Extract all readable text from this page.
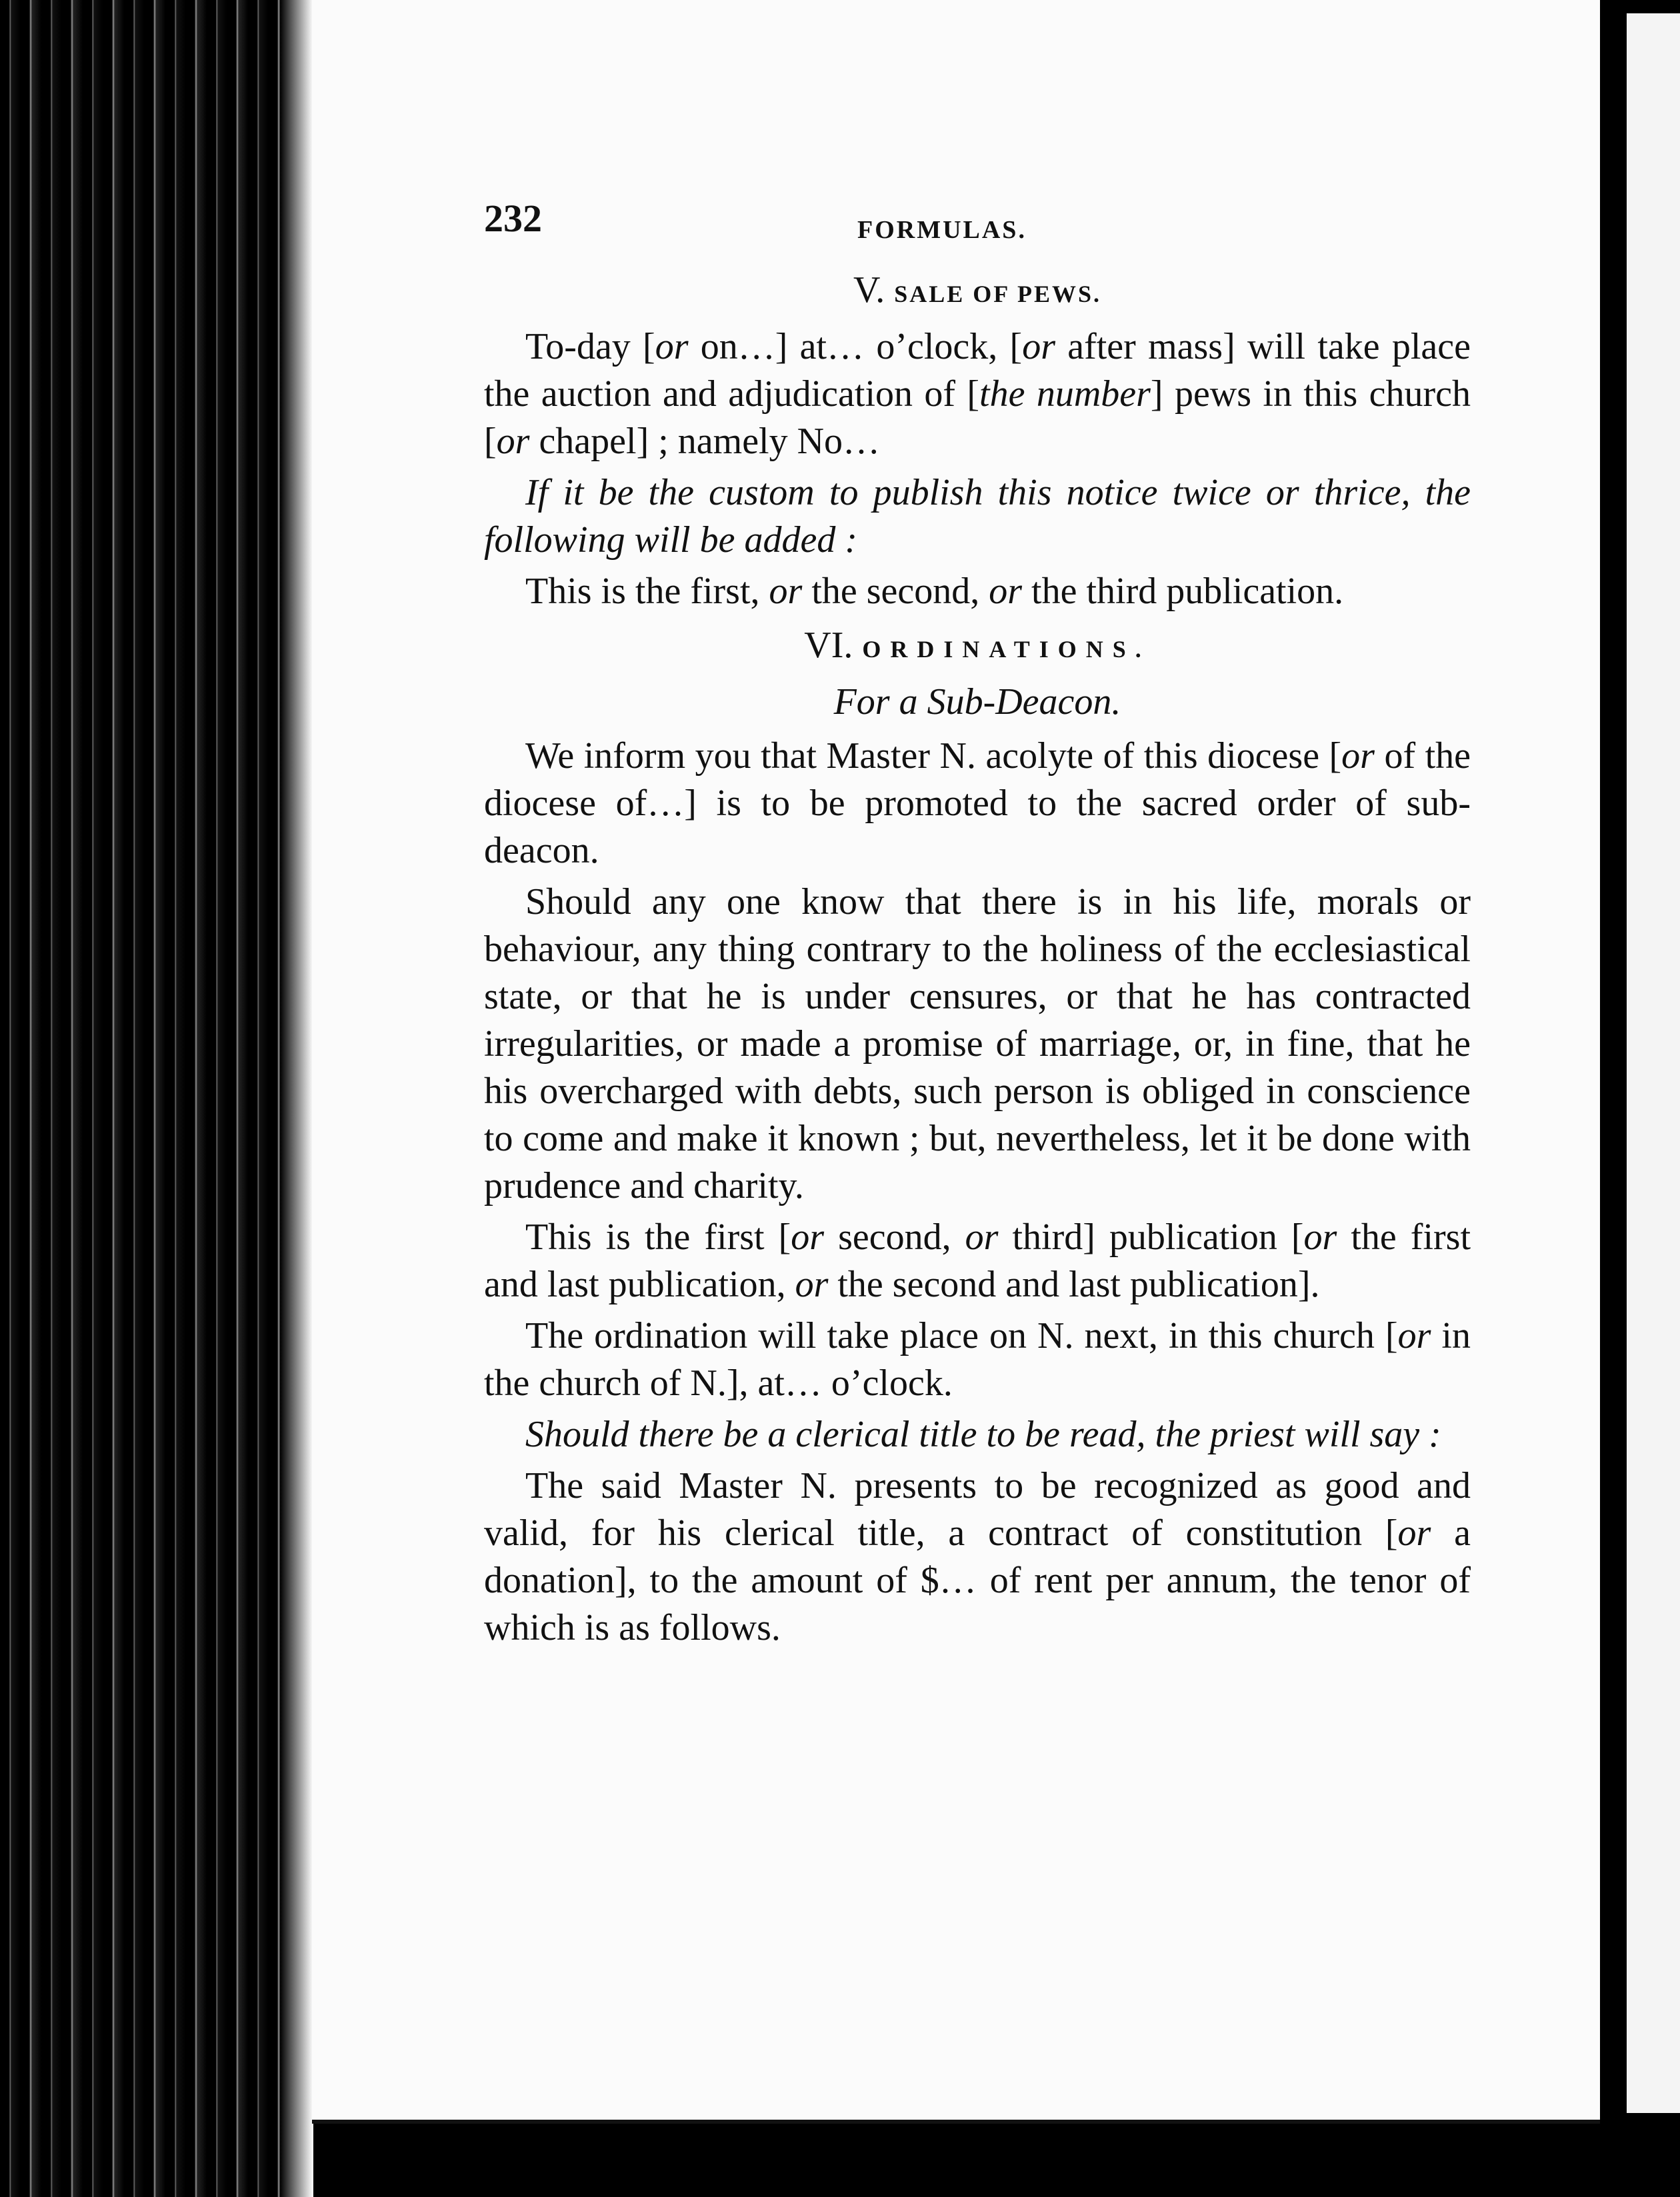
232	FORMULAS.
V. SALE OF PEWS.

To-day [or on…] at… o’clock, [or after mass] will take place the auction and adjudication of [the number] pews in this church [or chapel] ; namely No…

If it be the custom to publish this notice twice or thrice, the following will be added :

This is the first, or the second, or the third publication.

VI. ORDINATIONS.
For a Sub-Deacon.

We inform you that Master N. acolyte of this diocese [or of the diocese of…] is to be promoted to the sacred order of sub-deacon.

Should any one know that there is in his life, morals or behaviour, any thing contrary to the holiness of the ecclesiastical state, or that he is under censures, or that he has contracted irregularities, or made a promise of marriage, or, in fine, that he his overcharged with debts, such person is obliged in conscience to come and make it known ; but, nevertheless, let it be done with prudence and charity.

This is the first [or second, or third] publication [or the first and last publication, or the second and last publication].

The ordination will take place on N. next, in this church [or in the church of N.], at… o’clock.

Should there be a clerical title to be read, the priest will say :

The said Master N. presents to be recognized as good and valid, for his clerical title, a contract of constitution [or a donation], to the amount of $… of rent per annum, the tenor of which is as follows.
